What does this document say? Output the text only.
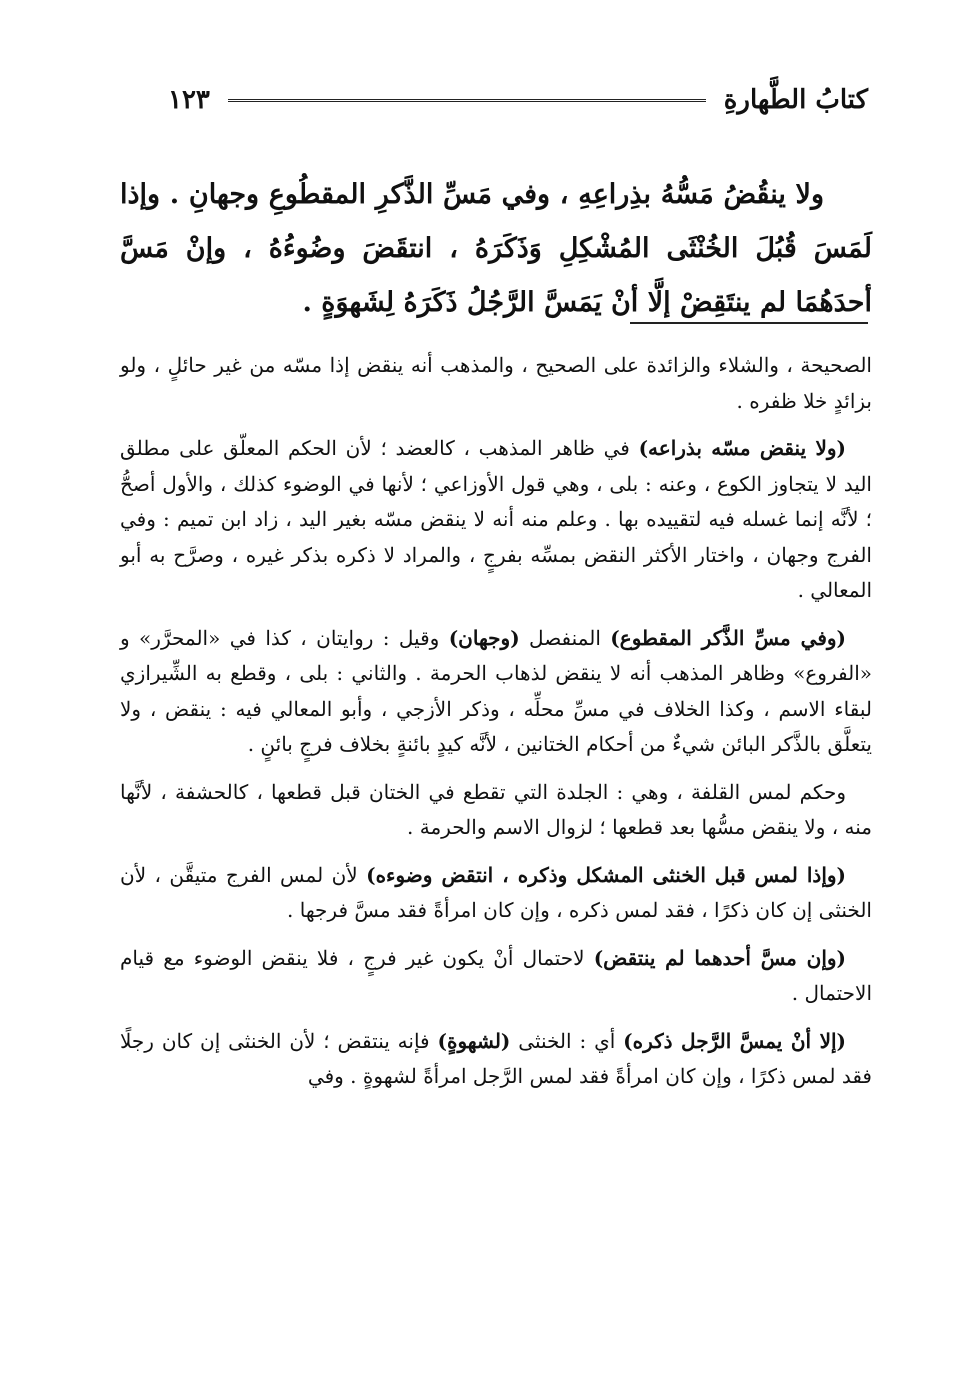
كتابُ الطَّهارةِ
١٢٣

ولا ينقُضُ مَسُّهُ بذِراعِهِ ، وفي مَسِّ الذَّكرِ المقطُوعِ وجهانِ . وإذا لَمَسَ قُبُلَ الخُنْثَى المُشْكِلِ وَذَكَرَهُ ، انتقَضَ وضُوءُهُ ، وإنْ مَسَّ أحدَهُمَا لم ينتَقِضْ إلَّا أنْ يَمَسَّ الرَّجُلُ ذَكَرَهُ لِشَهوَةٍ .

الصحيحة ، والشلاء والزائدة على الصحيح ، والمذهب أنه ينقض إذا مسّه من غير حائلٍ ، ولو بزائدٍ خلا ظفره .

(ولا ينقض مسّه بذراعه) في ظاهر المذهب ، كالعضد ؛ لأن الحكم المعلّق على مطلق اليد لا يتجاوز الكوع ، وعنه : بلى ، وهي قول الأوزاعي ؛ لأنها في الوضوء كذلك ، والأول أصحُّ ؛ لأنَّه إنما غسله فيه لتقييده بها . وعلم منه أنه لا ينقض مسّه بغير اليد ، زاد ابن تميم : وفي الفرج وجهان ، واختار الأكثر النقض بمسِّه بفرجٍ ، والمراد لا ذكره بذكر غيره ، وصرَّح به أبو المعالي .

(وفي مسِّ الذَّكر المقطوع) المنفصل (وجهان) وقيل : روايتان ، كذا في «المحرَّر» و «الفروع» وظاهر المذهب أنه لا ينقض لذهاب الحرمة . والثاني : بلى ، وقطع به الشِّيرازي لبقاء الاسم ، وكذا الخلاف في مسِّ محلِّه ، وذكر الأزجي ، وأبو المعالي فيه : ينقض ، ولا يتعلَّق بالذَّكر البائن شيءٌ من أحكام الختانين ، لأنَّه كيدٍ بائنةٍ بخلاف فرجٍ بائنٍ .

وحكم لمس القلفة ، وهي : الجلدة التي تقطع في الختان قبل قطعها ، كالحشفة ، لأنَّها منه ، ولا ينقض مسُّها بعد قطعها ؛ لزوال الاسم والحرمة .

(وإذا لمس قبل الخنثى المشكل وذكره ، انتقض وضوءه) لأن لمس الفرج متيقَّن ، لأن الخنثى إن كان ذكرًا ، فقد لمس ذكره ، وإن كان امرأةً فقد مسَّ فرجها .

(وإن مسَّ أحدهما لم ينتقض) لاحتمال أنْ يكون غير فرجٍ ، فلا ينقض الوضوء مع قيام الاحتمال .

(إلا أنْ يمسَّ الرَّجل ذكره) أي : الخنثى (لشهوةٍ) فإنه ينتقض ؛ لأن الخنثى إن كان رجلًا فقد لمس ذكرًا ، وإن كان امرأةً فقد لمس الرَّجل امرأةً لشهوةٍ . وفي
